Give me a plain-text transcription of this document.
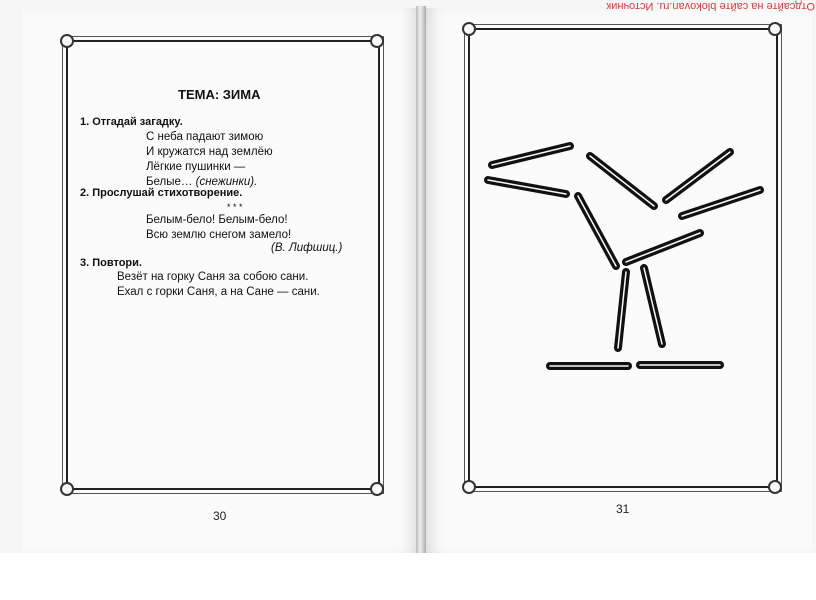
Отдсайте на сайте blokovan.ru. Источник
ТЕМА: ЗИМА
1. Отгадай загадку.
С неба падают зимою
И кружатся над землёю
Лёгкие пушинки —
Белые… (снежинки).
2. Прослушай стихотворение.
* * *
Белым-бело! Белым-бело!
Всю землю снегом замело!
(В. Лифшиц.)
3. Повтори.
Везёт на горку Саня за собою сани.
Ехал с горки Саня, а на Сане — сани.
30	31
